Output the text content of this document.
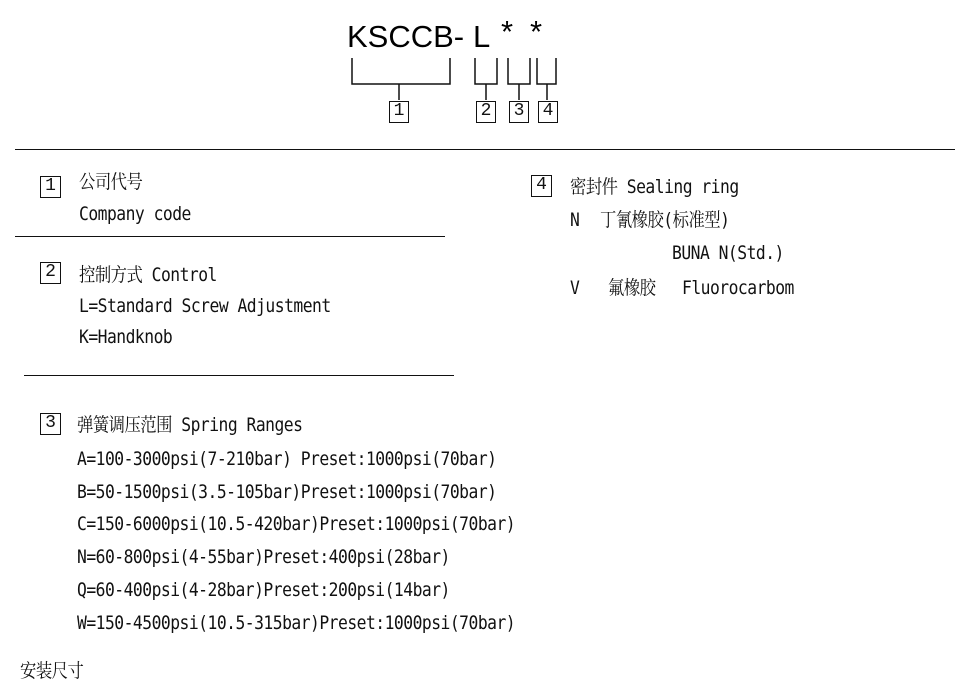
KSCCB- L * *
1	2 3 4
1 公司代号
Company code
2 控制方式 Control
L=Standard Screw Adjustment
K=Handknob
3 弹簧调压范围 Spring Ranges
A=100-3000psi(7-210bar) Preset:1000psi(70bar)
B=50-1500psi(3.5-105bar)Preset:1000psi(70bar)
C=150-6000psi(10.5-420bar)Preset:1000psi(70bar)
N=60-800psi(4-55bar)Preset:400psi(28bar)
Q=60-400psi(4-28bar)Preset:200psi(14bar)
W=150-4500psi(10.5-315bar)Preset:1000psi(70bar)
4 密封件 Sealing ring
N 丁氰橡胶(标准型)
BUNA N(Std.)
V 氟橡胶 Fluorocarbom
安装尺寸
